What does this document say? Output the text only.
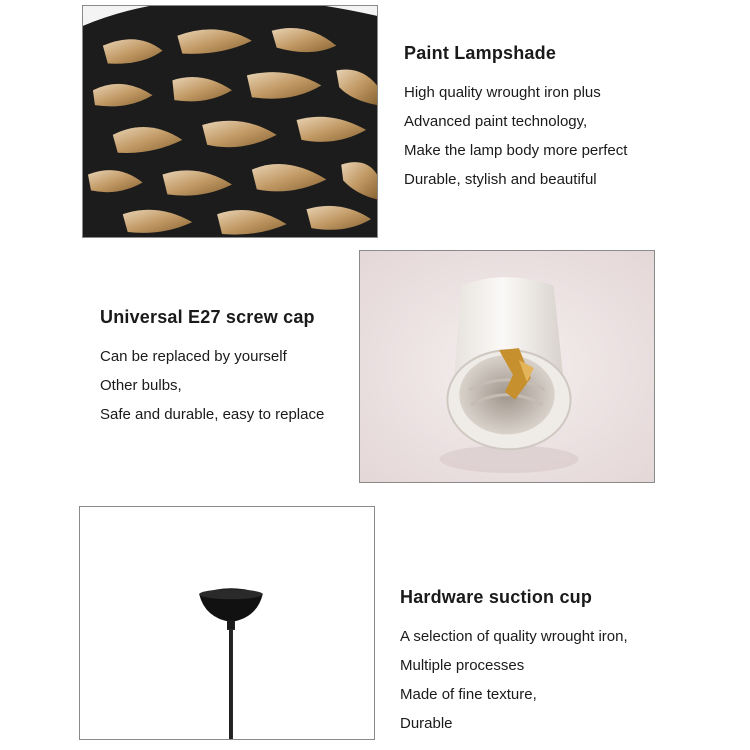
Paint Lampshade
High quality wrought iron plus
Advanced paint technology,
Make the lamp body more perfect
Durable, stylish and beautiful
Universal E27 screw cap
Can be replaced by yourself
Other bulbs,
Safe and durable, easy to replace
Hardware suction cup
A selection of quality wrought iron,
Multiple processes
Made of fine texture,
Durable
